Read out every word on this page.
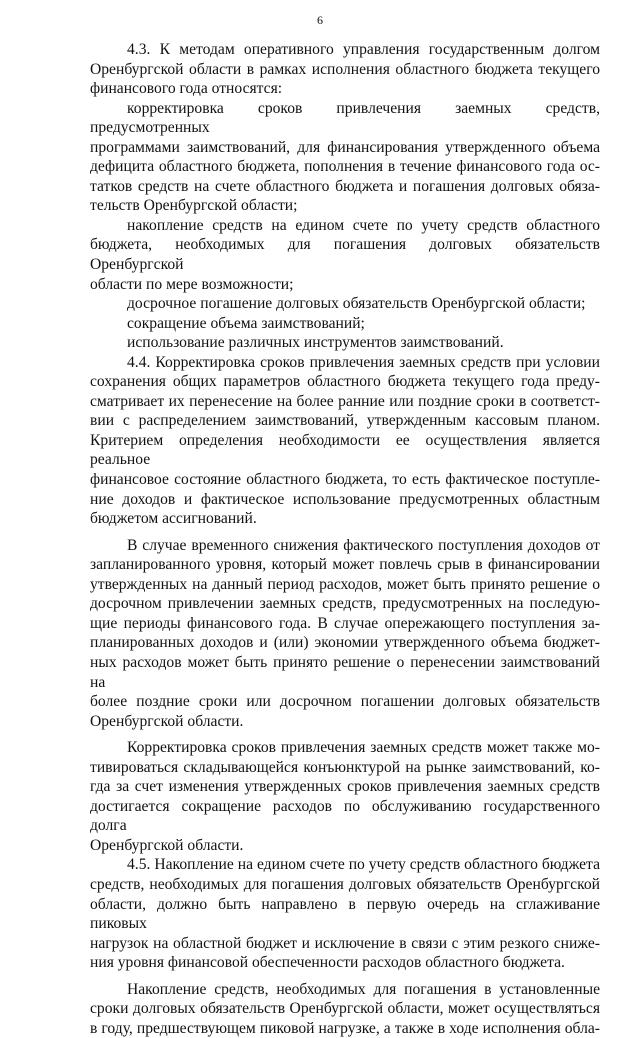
6
4.3. К методам оперативного управления государственным долгом
Оренбургской области в рамках исполнения областного бюджета текущего
финансового года относятся:
корректировка сроков привлечения заемных средств, предусмотренных
программами заимствований, для финансирования утвержденного объема
дефицита областного бюджета, пополнения в течение финансового года ос-
татков средств на счете областного бюджета и погашения долговых обяза-
тельств Оренбургской области;
накопление средств на едином счете по учету средств областного
бюджета, необходимых для погашения долговых обязательств Оренбургской
области по мере возможности;
досрочное погашение долговых обязательств Оренбургской области;
сокращение объема заимствований;
использование различных инструментов заимствований.
4.4. Корректировка сроков привлечения заемных средств при условии
сохранения общих параметров областного бюджета текущего года преду-
сматривает их перенесение на более ранние или поздние сроки в соответст-
вии с распределением заимствований, утвержденным кассовым планом.
Критерием определения необходимости ее осуществления является реальное
финансовое состояние областного бюджета, то есть фактическое поступле-
ние доходов и фактическое использование предусмотренных областным
бюджетом ассигнований.
В случае временного снижения фактического поступления доходов от
запланированного уровня, который может повлечь срыв в финансировании
утвержденных на данный период расходов, может быть принято решение о
досрочном привлечении заемных средств, предусмотренных на последую-
щие периоды финансового года. В случае опережающего поступления за-
планированных доходов и (или) экономии утвержденного объема бюджет-
ных расходов может быть принято решение о перенесении заимствований на
более поздние сроки или досрочном погашении долговых обязательств
Оренбургской области.
Корректировка сроков привлечения заемных средств может также мо-
тивироваться складывающейся конъюнктурой на рынке заимствований, ко-
гда за счет изменения утвержденных сроков привлечения заемных средств
достигается сокращение расходов по обслуживанию государственного долга
Оренбургской области.
4.5. Накопление на едином счете по учету средств областного бюджета
средств, необходимых для погашения долговых обязательств Оренбургской
области, должно быть направлено в первую очередь на сглаживание пиковых
нагрузок на областной бюджет и исключение в связи с этим резкого сниже-
ния уровня финансовой обеспеченности расходов областного бюджета.
Накопление средств, необходимых для погашения в установленные
сроки долговых обязательств Оренбургской области, может осуществляться
в году, предшествующем пиковой нагрузке, а также в ходе исполнения обла-
